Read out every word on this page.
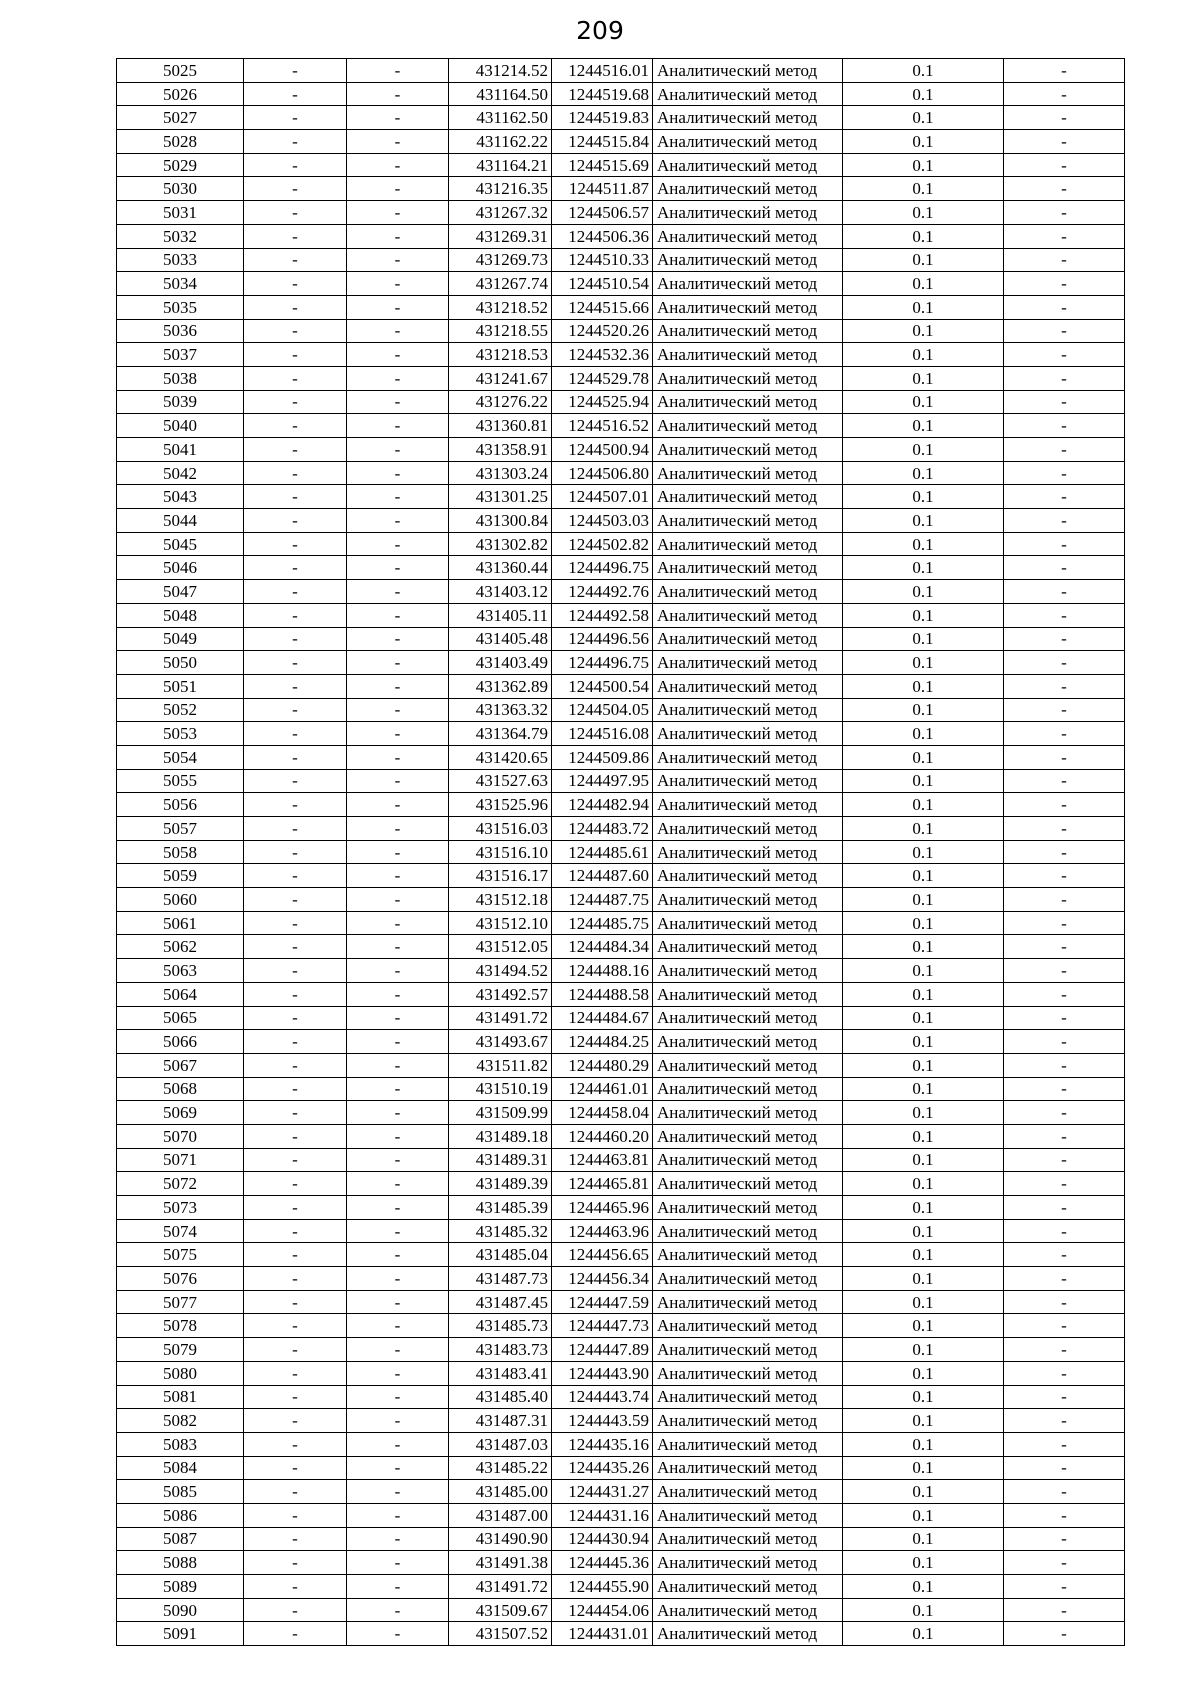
209
5025	-	-	431214.52	1244516.01	Аналитический метод	0.1	-
5026	-	-	431164.50	1244519.68	Аналитический метод	0.1	-
5027	-	-	431162.50	1244519.83	Аналитический метод	0.1	-
5028	-	-	431162.22	1244515.84	Аналитический метод	0.1	-
5029	-	-	431164.21	1244515.69	Аналитический метод	0.1	-
5030	-	-	431216.35	1244511.87	Аналитический метод	0.1	-
5031	-	-	431267.32	1244506.57	Аналитический метод	0.1	-
5032	-	-	431269.31	1244506.36	Аналитический метод	0.1	-
5033	-	-	431269.73	1244510.33	Аналитический метод	0.1	-
5034	-	-	431267.74	1244510.54	Аналитический метод	0.1	-
5035	-	-	431218.52	1244515.66	Аналитический метод	0.1	-
5036	-	-	431218.55	1244520.26	Аналитический метод	0.1	-
5037	-	-	431218.53	1244532.36	Аналитический метод	0.1	-
5038	-	-	431241.67	1244529.78	Аналитический метод	0.1	-
5039	-	-	431276.22	1244525.94	Аналитический метод	0.1	-
5040	-	-	431360.81	1244516.52	Аналитический метод	0.1	-
5041	-	-	431358.91	1244500.94	Аналитический метод	0.1	-
5042	-	-	431303.24	1244506.80	Аналитический метод	0.1	-
5043	-	-	431301.25	1244507.01	Аналитический метод	0.1	-
5044	-	-	431300.84	1244503.03	Аналитический метод	0.1	-
5045	-	-	431302.82	1244502.82	Аналитический метод	0.1	-
5046	-	-	431360.44	1244496.75	Аналитический метод	0.1	-
5047	-	-	431403.12	1244492.76	Аналитический метод	0.1	-
5048	-	-	431405.11	1244492.58	Аналитический метод	0.1	-
5049	-	-	431405.48	1244496.56	Аналитический метод	0.1	-
5050	-	-	431403.49	1244496.75	Аналитический метод	0.1	-
5051	-	-	431362.89	1244500.54	Аналитический метод	0.1	-
5052	-	-	431363.32	1244504.05	Аналитический метод	0.1	-
5053	-	-	431364.79	1244516.08	Аналитический метод	0.1	-
5054	-	-	431420.65	1244509.86	Аналитический метод	0.1	-
5055	-	-	431527.63	1244497.95	Аналитический метод	0.1	-
5056	-	-	431525.96	1244482.94	Аналитический метод	0.1	-
5057	-	-	431516.03	1244483.72	Аналитический метод	0.1	-
5058	-	-	431516.10	1244485.61	Аналитический метод	0.1	-
5059	-	-	431516.17	1244487.60	Аналитический метод	0.1	-
5060	-	-	431512.18	1244487.75	Аналитический метод	0.1	-
5061	-	-	431512.10	1244485.75	Аналитический метод	0.1	-
5062	-	-	431512.05	1244484.34	Аналитический метод	0.1	-
5063	-	-	431494.52	1244488.16	Аналитический метод	0.1	-
5064	-	-	431492.57	1244488.58	Аналитический метод	0.1	-
5065	-	-	431491.72	1244484.67	Аналитический метод	0.1	-
5066	-	-	431493.67	1244484.25	Аналитический метод	0.1	-
5067	-	-	431511.82	1244480.29	Аналитический метод	0.1	-
5068	-	-	431510.19	1244461.01	Аналитический метод	0.1	-
5069	-	-	431509.99	1244458.04	Аналитический метод	0.1	-
5070	-	-	431489.18	1244460.20	Аналитический метод	0.1	-
5071	-	-	431489.31	1244463.81	Аналитический метод	0.1	-
5072	-	-	431489.39	1244465.81	Аналитический метод	0.1	-
5073	-	-	431485.39	1244465.96	Аналитический метод	0.1	-
5074	-	-	431485.32	1244463.96	Аналитический метод	0.1	-
5075	-	-	431485.04	1244456.65	Аналитический метод	0.1	-
5076	-	-	431487.73	1244456.34	Аналитический метод	0.1	-
5077	-	-	431487.45	1244447.59	Аналитический метод	0.1	-
5078	-	-	431485.73	1244447.73	Аналитический метод	0.1	-
5079	-	-	431483.73	1244447.89	Аналитический метод	0.1	-
5080	-	-	431483.41	1244443.90	Аналитический метод	0.1	-
5081	-	-	431485.40	1244443.74	Аналитический метод	0.1	-
5082	-	-	431487.31	1244443.59	Аналитический метод	0.1	-
5083	-	-	431487.03	1244435.16	Аналитический метод	0.1	-
5084	-	-	431485.22	1244435.26	Аналитический метод	0.1	-
5085	-	-	431485.00	1244431.27	Аналитический метод	0.1	-
5086	-	-	431487.00	1244431.16	Аналитический метод	0.1	-
5087	-	-	431490.90	1244430.94	Аналитический метод	0.1	-
5088	-	-	431491.38	1244445.36	Аналитический метод	0.1	-
5089	-	-	431491.72	1244455.90	Аналитический метод	0.1	-
5090	-	-	431509.67	1244454.06	Аналитический метод	0.1	-
5091	-	-	431507.52	1244431.01	Аналитический метод	0.1	-
